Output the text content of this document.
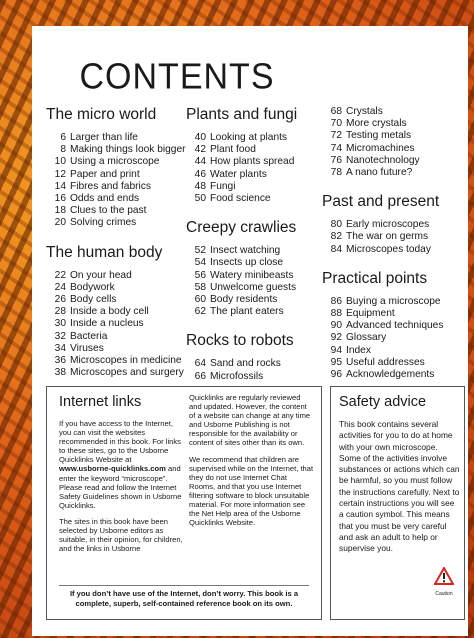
CONTENTS
The micro world
6 Larger than life
8 Making things look bigger
10 Using a microscope
12 Paper and print
14 Fibres and fabrics
16 Odds and ends
18 Clues to the past
20 Solving crimes
The human body
22 On your head
24 Bodywork
26 Body cells
28 Inside a body cell
30 Inside a nucleus
32 Bacteria
34 Viruses
36 Microscopes in medicine
38 Microscopes and surgery
Plants and fungi
40 Looking at plants
42 Plant food
44 How plants spread
46 Water plants
48 Fungi
50 Food science
Creepy crawlies
52 Insect watching
54 Insects up close
56 Watery minibeasts
58 Unwelcome guests
60 Body residents
62 The plant eaters
Rocks to robots
64 Sand and rocks
66 Microfossils
68 Crystals
70 More crystals
72 Testing metals
74 Micromachines
76 Nanotechnology
78 A nano future?
Past and present
80 Early microscopes
82 The war on germs
84 Microscopes today
Practical points
86 Buying a microscope
88 Equipment
90 Advanced techniques
92 Glossary
94 Index
95 Useful addresses
96 Acknowledgements
Internet links

If you have access to the Internet, you can visit the websites recommended in this book. For links to these sites, go to the Usborne Quicklinks Website at www.usborne-quicklinks.com and enter the keyword “microscope”. Please read and follow the Internet Safety Guidelines shown in Usborne Quicklinks.

The sites in this book have been selected by Usborne editors as suitable, in their opinion, for children, and the links in Usborne

Quicklinks are regularly reviewed and updated. However, the content of a website can change at any time and Usborne Publishing is not responsible for the availability or content of sites other than its own.

We recommend that children are supervised while on the Internet, that they do not use Internet Chat Rooms, and that you use Internet filtering software to block unsuitable material. For more information see the Net Help area of the Usborne Quicklinks Website.

If you don’t have use of the Internet, don’t worry. This book is a complete, superb, self-contained reference book on its own.
Safety advice
This book contains several activities for you to do at home with your own microscope. Some of the activities involve substances or actions which can be harmful, so you must follow the instructions carefully. Next to certain instructions you will see a caution symbol. This means that you must be very careful and ask an adult to help or supervise you.
Caution
